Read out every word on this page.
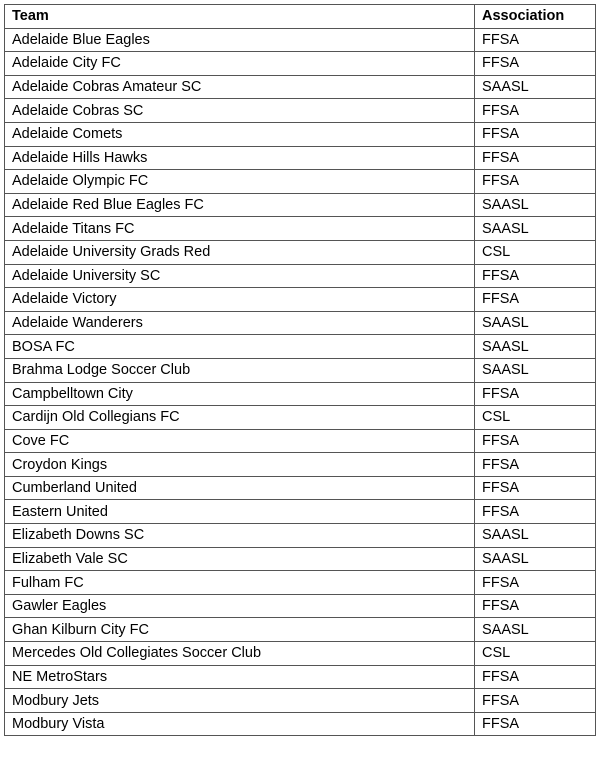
Team	Association
Adelaide Blue Eagles	FFSA
Adelaide City FC	FFSA
Adelaide Cobras Amateur SC	SAASL
Adelaide Cobras SC	FFSA
Adelaide Comets	FFSA
Adelaide Hills Hawks	FFSA
Adelaide Olympic FC	FFSA
Adelaide Red Blue Eagles FC	SAASL
Adelaide Titans FC	SAASL
Adelaide University Grads Red	CSL
Adelaide University SC	FFSA
Adelaide Victory	FFSA
Adelaide Wanderers	SAASL
BOSA FC	SAASL
Brahma Lodge Soccer Club	SAASL
Campbelltown City	FFSA
Cardijn Old Collegians FC	CSL
Cove FC	FFSA
Croydon Kings	FFSA
Cumberland United	FFSA
Eastern United	FFSA
Elizabeth Downs SC	SAASL
Elizabeth Vale SC	SAASL
Fulham FC	FFSA
Gawler Eagles	FFSA
Ghan Kilburn City FC	SAASL
Mercedes Old Collegiates Soccer Club	CSL
NE MetroStars	FFSA
Modbury Jets	FFSA
Modbury Vista	FFSA
